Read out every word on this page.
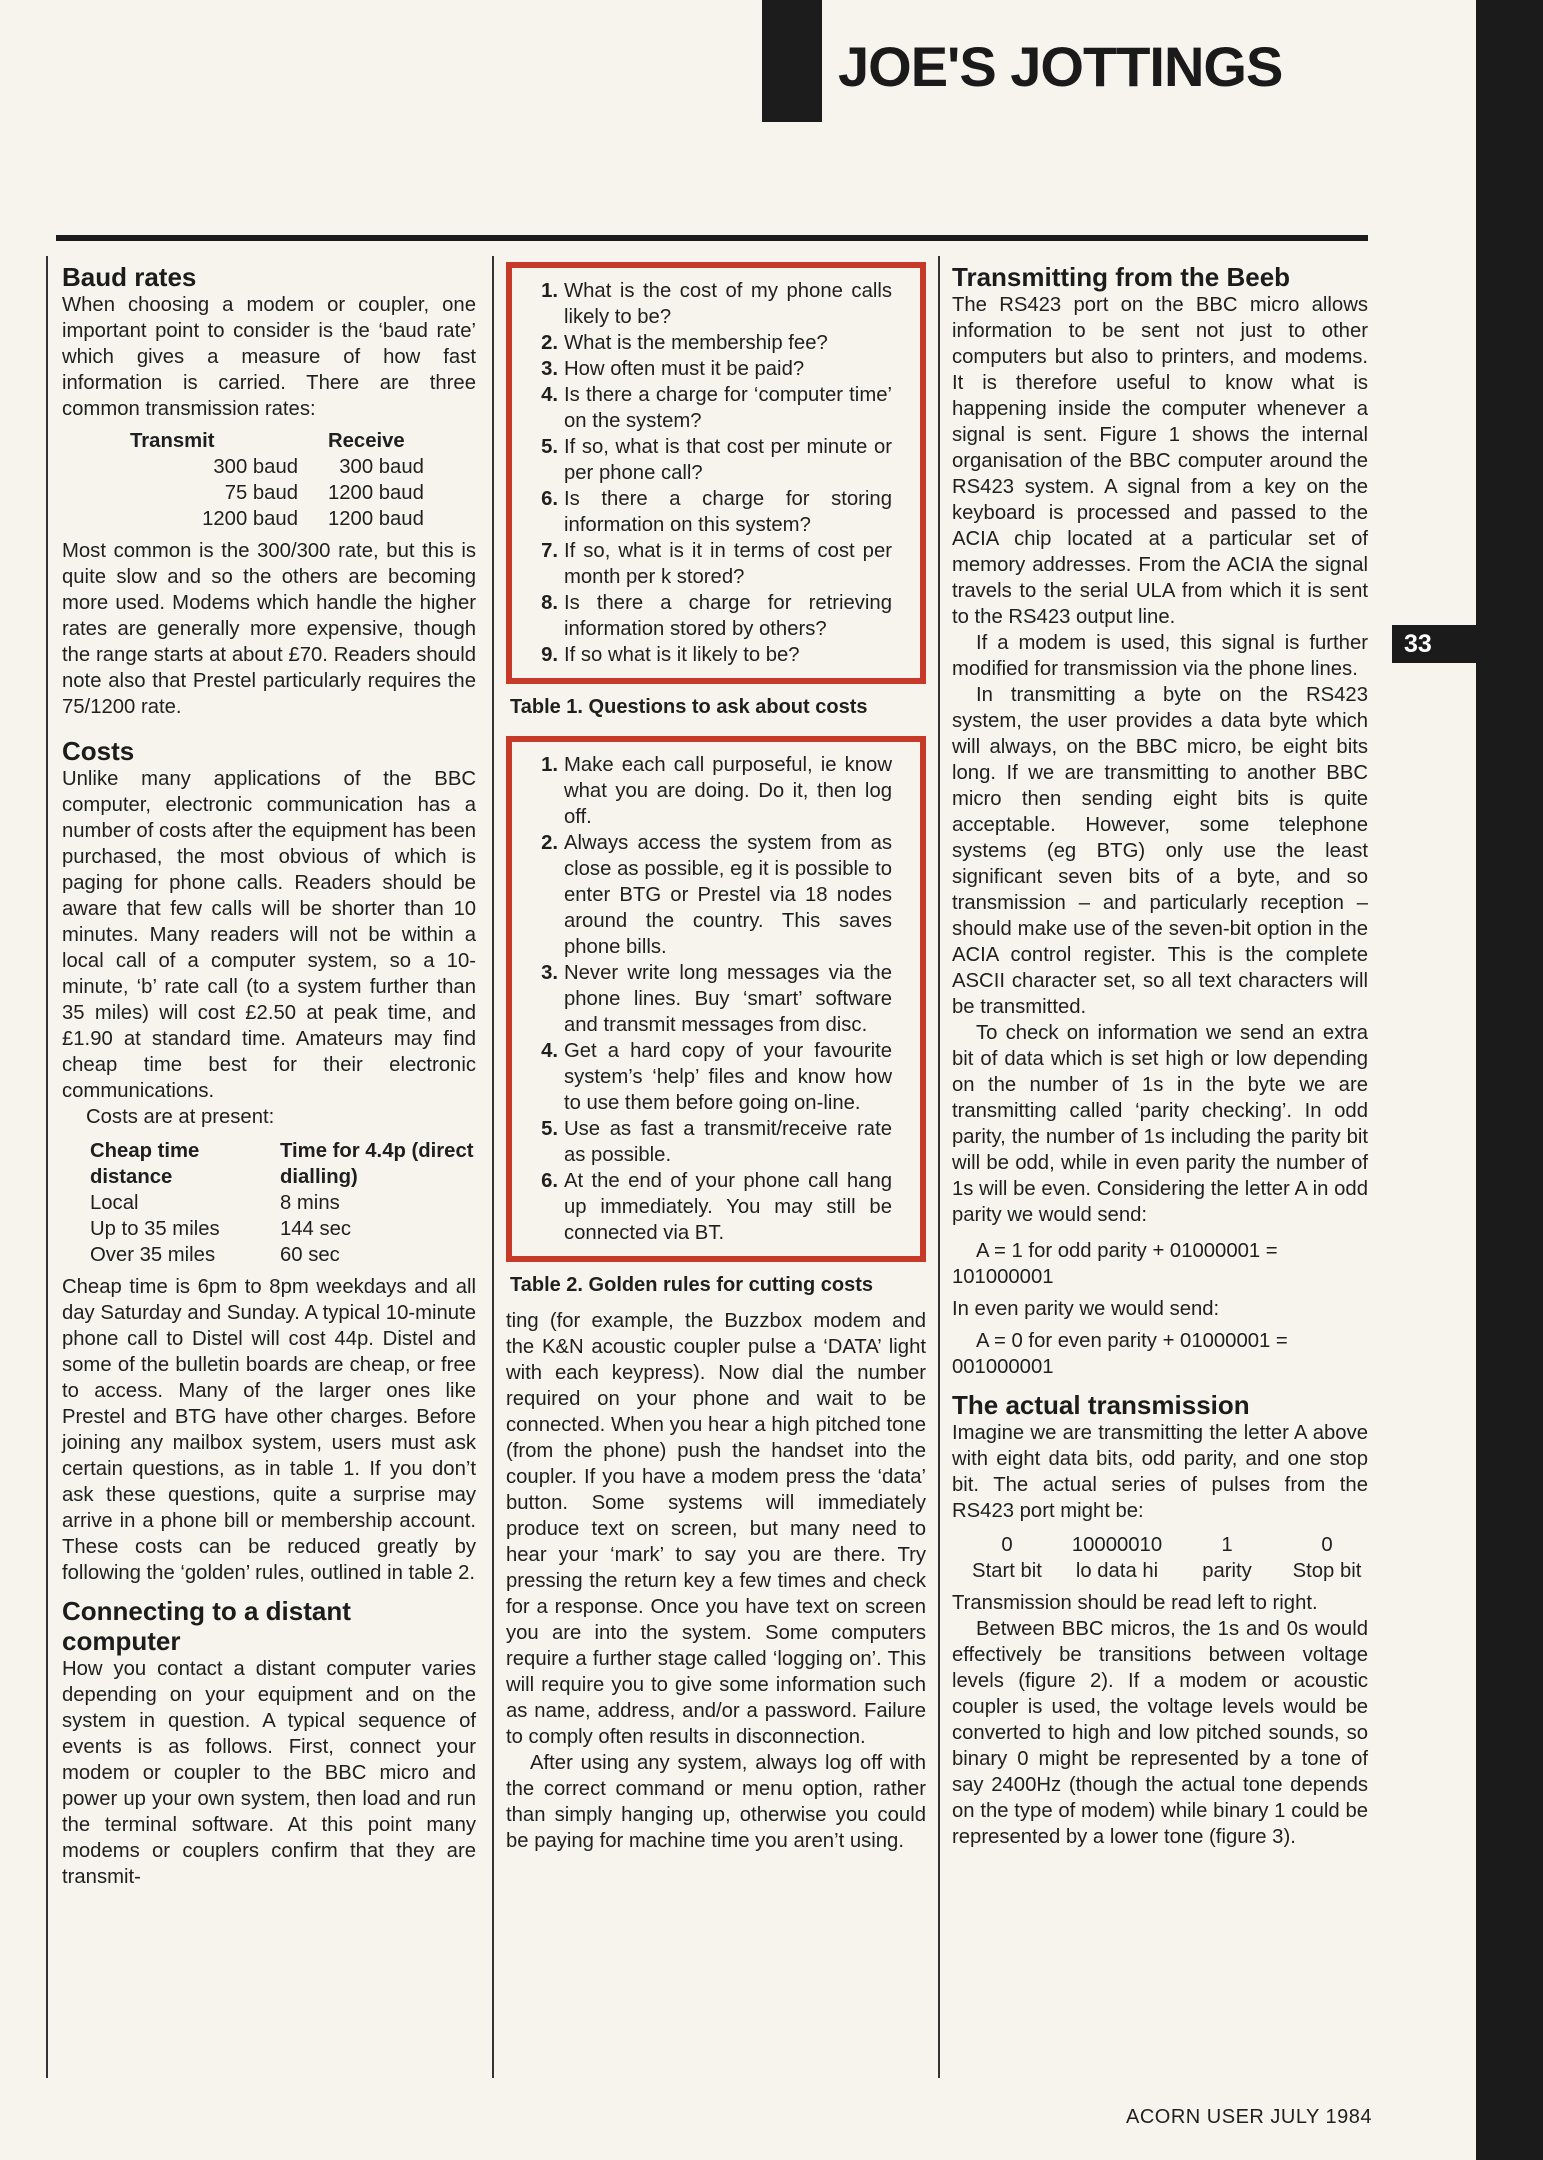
JOE'S JOTTINGS
33
Baud rates

When choosing a modem or coupler, one important point to consider is the ‘baud rate’ which gives a measure of how fast information is carried. There are three common transmission rates:

Transmit	Receive
300 baud	300 baud
75 baud	1200 baud
1200 baud	1200 baud

Most common is the 300/300 rate, but this is quite slow and so the others are becoming more used. Modems which handle the higher rates are generally more expensive, though the range starts at about £70. Readers should note also that Prestel particularly requires the 75/1200 rate.

Costs

Unlike many applications of the BBC computer, electronic communication has a number of costs after the equipment has been purchased, the most obvious of which is paging for phone calls. Readers should be aware that few calls will be shorter than 10 minutes. Many readers will not be within a local call of a computer system, so a 10-minute, ‘b’ rate call (to a system further than 35 miles) will cost £2.50 at peak time, and £1.90 at standard time. Amateurs may find cheap time best for their electronic communications.

Costs are at present:

Cheap time distance	Time for 4.4p (direct dialling)
Local	8 mins
Up to 35 miles	144 sec
Over 35 miles	60 sec

Cheap time is 6pm to 8pm weekdays and all day Saturday and Sunday. A typical 10-minute phone call to Distel will cost 44p. Distel and some of the bulletin boards are cheap, or free to access. Many of the larger ones like Prestel and BTG have other charges. Before joining any mailbox system, users must ask certain questions, as in table 1. If you don’t ask these questions, quite a surprise may arrive in a phone bill or membership account. These costs can be reduced greatly by following the ‘golden’ rules, outlined in table 2.

Connecting to a distant computer

How you contact a distant computer varies depending on your equipment and on the system in question. A typical sequence of events is as follows. First, connect your modem or coupler to the BBC micro and power up your own system, then load and run the terminal software. At this point many modems or couplers confirm that they are transmit-

1. What is the cost of my phone calls likely to be?
2. What is the membership fee?
3. How often must it be paid?
4. Is there a charge for ‘computer time’ on the system?
5. If so, what is that cost per minute or per phone call?
6. Is there a charge for storing information on this system?
7. If so, what is it in terms of cost per month per k stored?
8. Is there a charge for retrieving information stored by others?
9. If so what is it likely to be?
Table 1. Questions to ask about costs
1. Make each call purposeful, ie know what you are doing. Do it, then log off.
2. Always access the system from as close as possible, eg it is possible to enter BTG or Prestel via 18 nodes around the country. This saves phone bills.
3. Never write long messages via the phone lines. Buy ‘smart’ software and transmit messages from disc.
4. Get a hard copy of your favourite system’s ‘help’ files and know how to use them before going on-line.
5. Use as fast a transmit/receive rate as possible.
6. At the end of your phone call hang up immediately. You may still be connected via BT.
Table 2. Golden rules for cutting costs

ting (for example, the Buzzbox modem and the K&N acoustic coupler pulse a ‘DATA’ light with each keypress). Now dial the number required on your phone and wait to be connected. When you hear a high pitched tone (from the phone) push the handset into the coupler. If you have a modem press the ‘data’ button. Some systems will immediately produce text on screen, but many need to hear your ‘mark’ to say you are there. Try pressing the return key a few times and check for a response. Once you have text on screen you are into the system. Some computers require a further stage called ‘logging on’. This will require you to give some information such as name, address, and/or a password. Failure to comply often results in disconnection.

After using any system, always log off with the correct command or menu option, rather than simply hanging up, otherwise you could be paying for machine time you aren’t using.

Transmitting from the Beeb

The RS423 port on the BBC micro allows information to be sent not just to other computers but also to printers, and modems. It is therefore useful to know what is happening inside the computer whenever a signal is sent. Figure 1 shows the internal organisation of the BBC computer around the RS423 system. A signal from a key on the keyboard is processed and passed to the ACIA chip located at a particular set of memory addresses. From the ACIA the signal travels to the serial ULA from which it is sent to the RS423 output line.

If a modem is used, this signal is further modified for transmission via the phone lines.

In transmitting a byte on the RS423 system, the user provides a data byte which will always, on the BBC micro, be eight bits long. If we are transmitting to another BBC micro then sending eight bits is quite acceptable. However, some telephone systems (eg BTG) only use the least significant seven bits of a byte, and so transmission – and particularly reception – should make use of the seven-bit option in the ACIA control register. This is the complete ASCII character set, so all text characters will be transmitted.

To check on information we send an extra bit of data which is set high or low depending on the number of 1s in the byte we are transmitting called ‘parity checking’. In odd parity, the number of 1s including the parity bit will be odd, while in even parity the number of 1s will be even. Considering the letter A in odd parity we would send:

A = 1 for odd parity + 01000001 =

101000001

In even parity we would send:

A = 0 for even parity + 01000001 =

001000001

The actual transmission

Imagine we are transmitting the letter A above with eight data bits, odd parity, and one stop bit. The actual series of pulses from the RS423 port might be:

0	10000010	1	0
Start bit	lo data hi	parity	Stop bit

Transmission should be read left to right.

Between BBC micros, the 1s and 0s would effectively be transitions between voltage levels (figure 2). If a modem or acoustic coupler is used, the voltage levels would be converted to high and low pitched sounds, so binary 0 might be represented by a tone of say 2400Hz (though the actual tone depends on the type of modem) while binary 1 could be represented by a lower tone (figure 3).

ACORN USER JULY 1984
